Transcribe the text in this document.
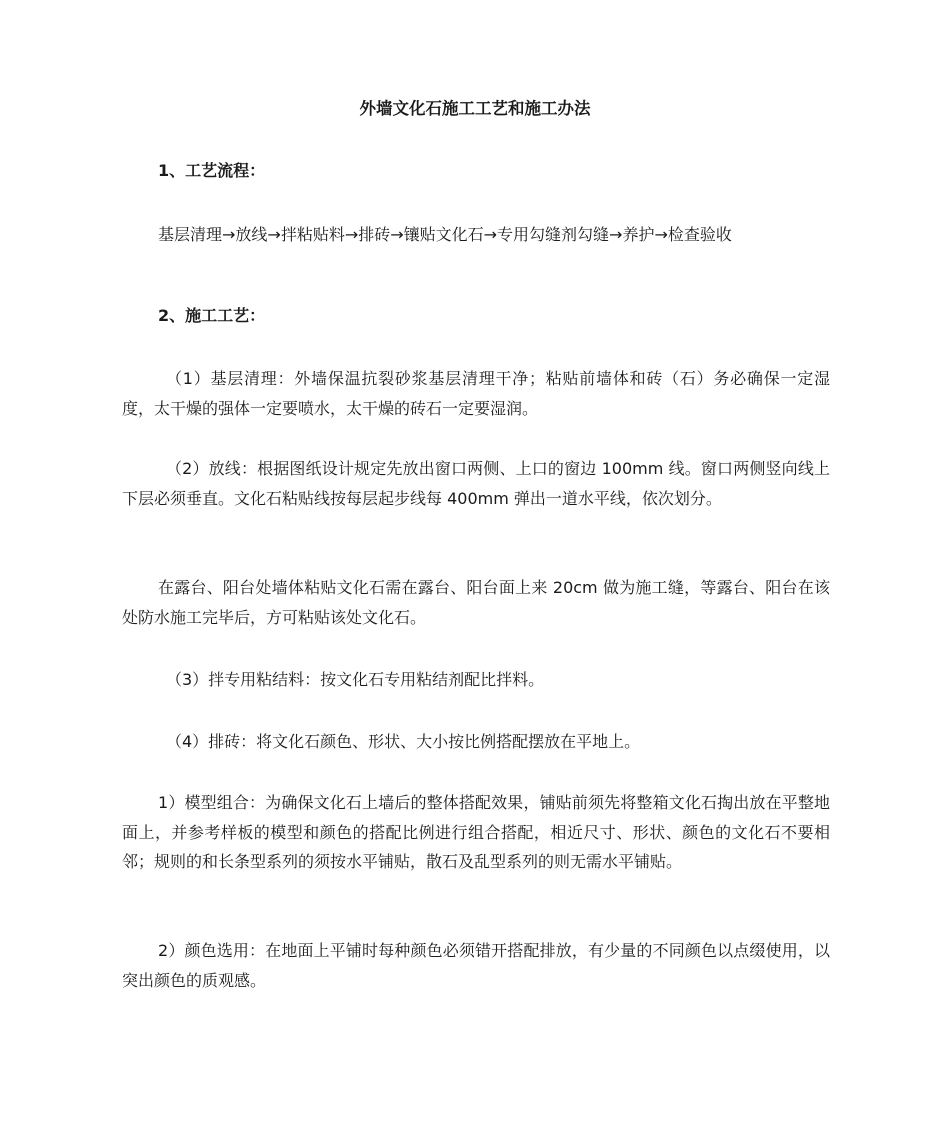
外墙文化石施工工艺和施工办法
1、工艺流程：
基层清理→放线→拌粘贴料→排砖→镶贴文化石→专用勾缝剂勾缝→养护→检查验收
2、施工工艺：
（1）基层清理：外墙保温抗裂砂浆基层清理干净；粘贴前墙体和砖（石）务必确保一定湿度，太干燥的强体一定要喷水，太干燥的砖石一定要湿润。
（2）放线：根据图纸设计规定先放出窗口两侧、上口的窗边 100mm 线。窗口两侧竖向线上下层必须垂直。文化石粘贴线按每层起步线每 400mm 弹出一道水平线，依次划分。
在露台、阳台处墙体粘贴文化石需在露台、阳台面上来 20cm 做为施工缝，等露台、阳台在该处防水施工完毕后，方可粘贴该处文化石。
（3）拌专用粘结料：按文化石专用粘结剂配比拌料。
（4）排砖：将文化石颜色、形状、大小按比例搭配摆放在平地上。
1）模型组合：为确保文化石上墙后的整体搭配效果，铺贴前须先将整箱文化石掏出放在平整地面上，并参考样板的模型和颜色的搭配比例进行组合搭配，相近尺寸、形状、颜色的文化石不要相邻；规则的和长条型系列的须按水平铺贴，散石及乱型系列的则无需水平铺贴。
2）颜色选用：在地面上平铺时每种颜色必须错开搭配排放，有少量的不同颜色以点缀使用，以突出颜色的质观感。
